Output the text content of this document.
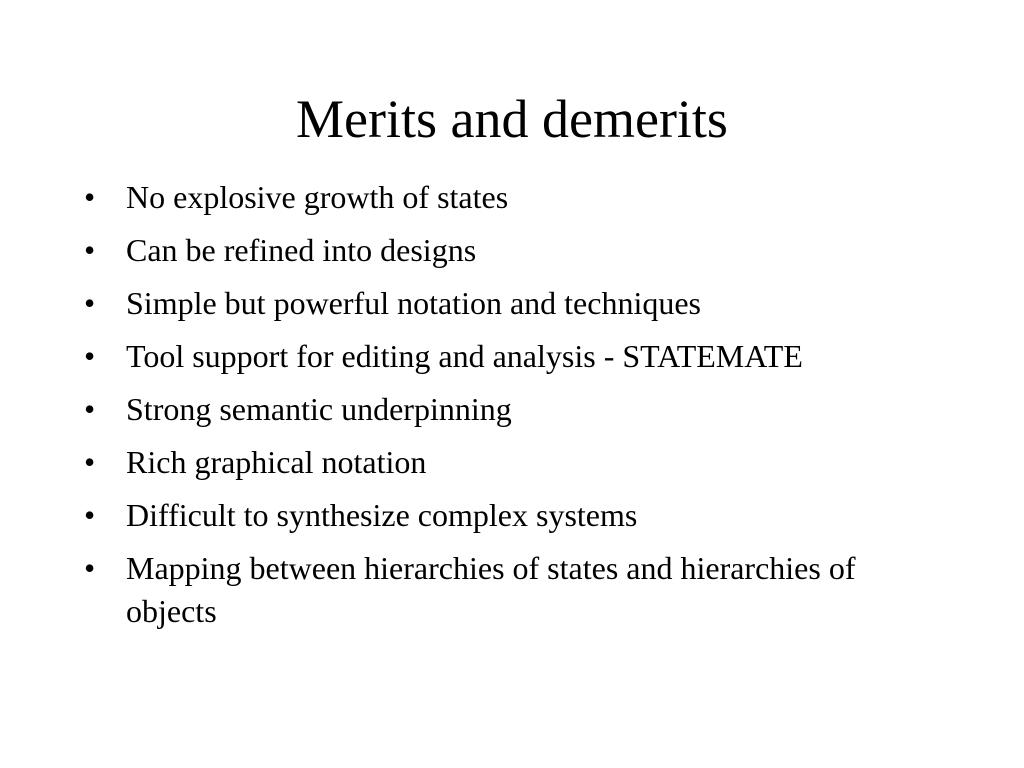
Merits and demerits
• No explosive growth of states
• Can be refined into designs
• Simple but powerful notation and techniques
• Tool support for editing and analysis - STATEMATE
• Strong semantic underpinning
• Rich graphical notation
• Difficult to synthesize complex systems
• Mapping between hierarchies of states and hierarchies of objects
